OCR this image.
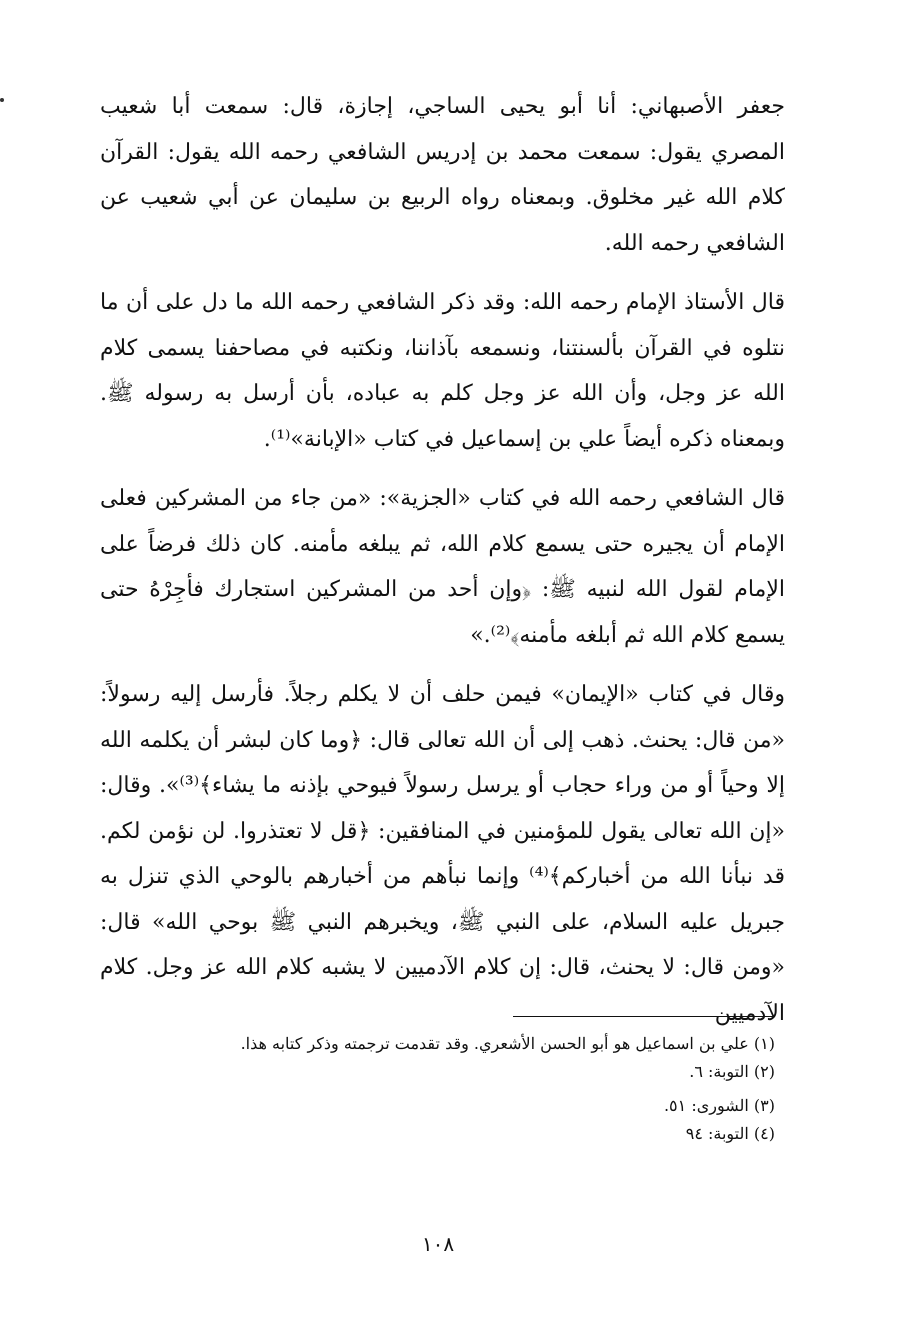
جعفر الأصبهاني: أنا أبو يحيى الساجي، إجازة، قال: سمعت أبا شعيب المصري يقول: سمعت محمد بن إدريس الشافعي رحمه الله يقول: القرآن كلام الله غير مخلوق. وبمعناه رواه الربيع بن سليمان عن أبي شعيب عن الشافعي رحمه الله.

قال الأستاذ الإمام رحمه الله: وقد ذكر الشافعي رحمه الله ما دل على أن ما نتلوه في القرآن بألسنتنا، ونسمعه بآذاننا، ونكتبه في مصاحفنا يسمى كلام الله عز وجل، وأن الله عز وجل كلم به عباده، بأن أرسل به رسوله ﷺ. وبمعناه ذكره أيضاً علي بن إسماعيل في كتاب «الإبانة»⁽¹⁾.

قال الشافعي رحمه الله في كتاب «الجزية»: «من جاء من المشركين فعلى الإمام أن يجيره حتى يسمع كلام الله، ثم يبلغه مأمنه. كان ذلك فرضاً على الإمام لقول الله لنبيه ﷺ: ﴿وإن أحد من المشركين استجارك فأجِرْهُ حتى يسمع كلام الله ثم أبلغه مأمنه﴾⁽²⁾.»

وقال في كتاب «الإيمان» فيمن حلف أن لا يكلم رجلاً. فأرسل إليه رسولاً: «من قال: يحنث. ذهب إلى أن الله تعالى قال: ﴿وما كان لبشر أن يكلمه الله إلا وحياً أو من وراء حجاب أو يرسل رسولاً فيوحي بإذنه ما يشاء﴾⁽³⁾». وقال: «إن الله تعالى يقول للمؤمنين في المنافقين: ﴿قل لا تعتذروا. لن نؤمن لكم. قد نبأنا الله من أخباركم﴾⁽⁴⁾ وإنما نبأهم من أخبارهم بالوحي الذي تنزل به جبريل عليه السلام، على النبي ﷺ، ويخبرهم النبي ﷺ بوحي الله» قال: «ومن قال: لا يحنث، قال: إن كلام الآدميين لا يشبه كلام الله عز وجل. كلام الآدميين

(١) علي بن اسماعيل هو أبو الحسن الأشعري. وقد تقدمت ترجمته وذكر كتابه هذا.

(٢) التوبة: ٦.

(٣) الشورى: ٥١.

(٤) التوبة: ٩٤

١٠٨
